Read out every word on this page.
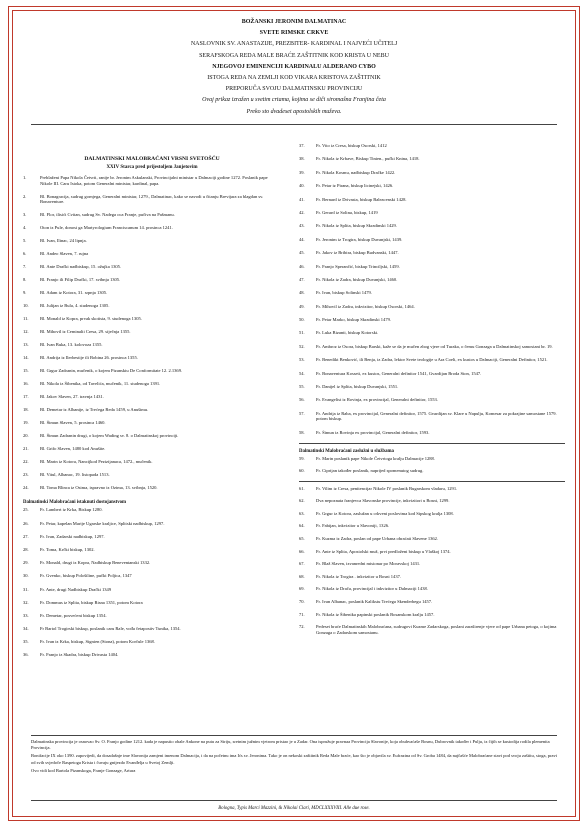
BOŽANSKI JERONIM DALMATINAC
SVETE RIMSKE CRKVE
NASLOVNIK SV. ANASTAZIJE, PREZBITER- KARDINAL I NAJVEĆI UČITELJ
SERAFSKOGA REDA MALE BRAĆE ZAŠTITNIK KOD KRISTA U NEBU
NJEGOVOJ EMINENCIJI KARDINALU ALDERANO CYBO
ISTOGA REDA NA ZEMLJI KOD VIKARA KRISTOVA ZAŠTITNIK
PREPORUČA SVOJU DALMATINSKU PROVINCIJU
Ovaj prikaz izražen u svetim crtama, kojima se diči siromašna Franjina četa
Preko sto dvadeset apostolskih muževa.
DALMATINSKI MALOBRAĆANI VRSNI SVETOŠĆU
XXIV Starca pred prijestoljem Janjetovim
1.	Preblaženi Papa Nikola Četvrti, ranije br. Jeronim Askulanski, Provincijalni ministar u Dalmaciji godine 1272. Poslanik pape Nikole III. Caru Istoka, potom Generalni ministar, kardinal, papa.
2.	Bl. Bonagracija, sudrug gornjega, Generalni ministar, 1279., Dalmatinac, kako se navodi u čitanju Brevijara za blagdan sv. Bonaventure.
3.	Bl. Flor, ilisići Cvitan, sudrug Sv. Nadega oca Franje, pučiva na Pašmanu.
4.	Oton iz Pule, donosi ga Martyrologium Franciscanum 14. prosinca 1241.
5.	Bl. Ivan, Ilinac, 24 lipnja.
6.	Bl. Andeo Slaven, 7. rujna
7.	Bl. Ante Drački nadbiskup, 15. ožujka 1305.
8.	Bl. Franjo ili Filip Drački, 17. svibnja 1305.
9.	Bl. Adam iz Kotora, 31. srpnja 1305.
10.	Bl. Julijan iz Bula, 4. studenoga 1305.
11.	Bl. Monald iz Kopra, prvak skotista, 9. studenoga 1305.
12.	Bl. Mihovil iz Ceminalii Cresa, 29. siječnja 1355.
13.	Bl. Ivan Buka, 13. kolovoza 1355.
14.	Bl. Andrija iz Ilerbestije ili Bobina 26. prosinca 1355.
15.	Bl. Grgur Zadranin, mučenik, o kojem Pizanskiu De Conformitate 12. 2.1369.
16.	Bl. Nikola iz Šibenika, od Tavelića, mučenik, 11. studenoga 1391.
17.	Bl. Jakov Slaven, 27. travnja 1431.
18.	Bl. Demetar iz Albanije, iz Trećega Reda 1459, u Anušimu.
19.	Bl. Šimun Slaven, 5. prosinca 1460.
20.	Bl. Šimun Zadranin drugi, o kojem Wading sv. 8. o Dalmatinskoj provinciji.
21.	Bl. Grifo Slaven, 1480 kod Anušite.
22.	Bl. Marin iz Kotora, Nancijkod Pezizijanaca, 1472., mučenik.
23.	Bl. Vitul, Albanac, 19. listopada 1513.
24.	Bl. Toma Blinca iz Osima, ispravno iz Ozima, 13. svibnja, 1520.
Dalmatinski Malobraćani istaknuti dostojanstvom
25.	Fr. Lambert iz Krka, Biskup 1280.
26.	Fr. Petar, kapelan Marije Ugarske kraljice, Splitski nadbiskup, 1297.
27.	Fr. Ivan, Zadarski nadbiskup, 1297.
28.	Fr. Toma, Krčki biskup, 1302.
29.	Fr. Monald, drugi iz Kopra, Nadbiskup Beneventanski 1332.
30.	Fr. Gvenko, biskup Pološiline, pučki Poljica, 1347
31.	Fr. Ante, drugi Nadbiskup Drački 1349
32.	Fr. Dommus iz Splita, biskup Risna 1351, potom Kotora
33.	Fr. Demetar, posvećeni biskup 1354.
34.	Fr Bartol Trogirski biskup, poslanik caru Rale, vođa četapostiv Tunika, 1354.
35.	Fr. Ivan iz Krka, biskup, Signien (Stona), potom Korčule 1368.
36.	Fr. Franjo iz Skadra, biskup Drivasta 1404.
37.	Fr. Vito iz Cresa, biskup Osorski, 1412
38.	Fr. Nikola iz Krbave, Biskup Tinien., pučki Knina, 1418.
39.	Fr. Nikola Kosmu, nadbiskup Dračke 1422.
40.	Fr. Petar iz Pirana, biskup licinejski, 1426.
41.	Fr. Bernard iz Drivasta, biskup Baleacenski 1428.
42.	Fr. Gerard iz Solina, biskup, 1419
43.	Fr. Nikola iz Splita, biskup Skradinski 1429.
44.	Fr. Jeronim iz Trogira, biskup Duvanjski, 1439.
45.	Fr. Jakov iz Bribira, biskup Budvanski, 1447.
46.	Fr. Franjo Sperančić, biskup Trinciljski, 1459.
47.	Fr. Nikola iz Zadra, biskup Duvanjski, 1460.
48.	Fr. Ivan, biskup Solinski 1479.
49.	Fr. Mihovil iz Zadra, inkvizitor, biskup Osorski, 1464.
50.	Fr. Petar Marko, biskup Skradinski 1479.
51.	Fr. Luka Bizanti, biskup Kotorski.
52.	Fr. Ambroz iz Osora, biskup Barski, kaže se da je mučen zbog vjere od Turaka, o čemu Gonzaga u Dalmatinskoj samostani br. 19.
53.	Fr. Benedikt Benković, ili Benja, iz Zadra, lektor Svete teologije u Ara Coeli, ex kustos u Dalmaciji, Generalni Definitor, 1521.
54.	Fr. Bonaventura Kosseti, ex kustos, Generalni definitor 1541, Gvardijan Broda Sion, 1547.
55.	Fr. Danijel iz Splita, biskup Duvanjski, 1551.
56.	Fr. Evangelist iz Rovinja, ex provincijal, Generalni definitor, 1553.
57.	Fr. Andrija iz Raba, ex provincijal, Generalni definitor, 1575. Gvardijan sv. Klare u Napulju, Komesar za pokrajine samostane 1579. potom biskup.
58.	Fr. Šimun iz Rovinja ex provincijal, Generalni definitor, 1593.
Dalmatinski Malobraćani zaslužni u službama
59.	Fr. Marin poslanik pape Nikole Četvrtoga kralju Dalmacije 1288.
60.	Fr. Ciprijan također poslanik, naprijed spomenutog sudrug.
61.	Fr. Vilim iz Cresa, penitencijar Nikole IV poslanik Bugarskom vladaru, 1291.
62.	Dva nepoznata franjevca Slavonske provincije, inkvizitori u Bosni, 1299.
63.	Fr. Grgur iz Kotora, zaslužan u crkveni poslovima kod Sipskog kralja 1308.
64.	Fr. Fabijan, inkvizitor u Slavoniji, 1326.
65.	Fr. Kuzma iz Zadra, poslan od pape Urbana obraćati Slavene 1362.
66.	Fr. Ante iz Splita, Apostolski muž, prvi predloženi biskup u Vlaškoj 1374.
67.	Fr. Blaž Slaven, izvanredni misionar po Moravskoj 1431.
68.	Fr. Nikola iz Trogira . inkvizitor u Bosni 1437.
69.	Fr. Nikola iz Drača, provincijal i inkvizitor u Dalmaciji 1438.
70.	Fr. Ivan Albanac, poslanik Kalikstu Trećega Skenderbegu 1457.
71.	Fr. Nikola iz Šibenika papinski poslanik Bosanskom kralju 1457.
72.	Pedeset braće Dalmatinskih Malobraćana, sudrugovi Kuzme Zadarskoga, poslani zaraširenje vjere od pape Urbana petoga, o kojima Gonzaga o Zadarskom samostanu.
Dalmatinska provincija je osnovao Sv. O. Franjo godine 1212. kada je napustio obale Ankone na putu za Siriju, sretnim južnim vjetrom pristao je u Zadar. Ona ispružuje pravnaa Provincija Slavonije, koja obuhvaćaše Bosnu, Dubrovnik također i Pulju, iz čijih se kustodija rodila plemenita Provincija.
Bonifacije IX oko 1390. zapovijedi, da dosadašnje ime Slavonija zamjeni imenom Dalmacija, i da na početnu ima Ićs sv. Jeronima. Tako je on nekoski zaštitnik Reda Male braće, kao što je objavila sv. Eufrazina od Sv. Groba 1484, da najčašće Malobraćane stavi pod svoju zaštitu, stoga, pravi od svih svjedoče Raspetoga Krista i čuvaju gnijezdo Evanđelja u Svetoj Zemlji.
Ovo vidi kod Bartola Pizanskoga, Franje Gonzage, Artura
Bologna, Typis Marci Mazzini, & Nikolai Clari, MDCLXXXVIII. Alle due rose.
